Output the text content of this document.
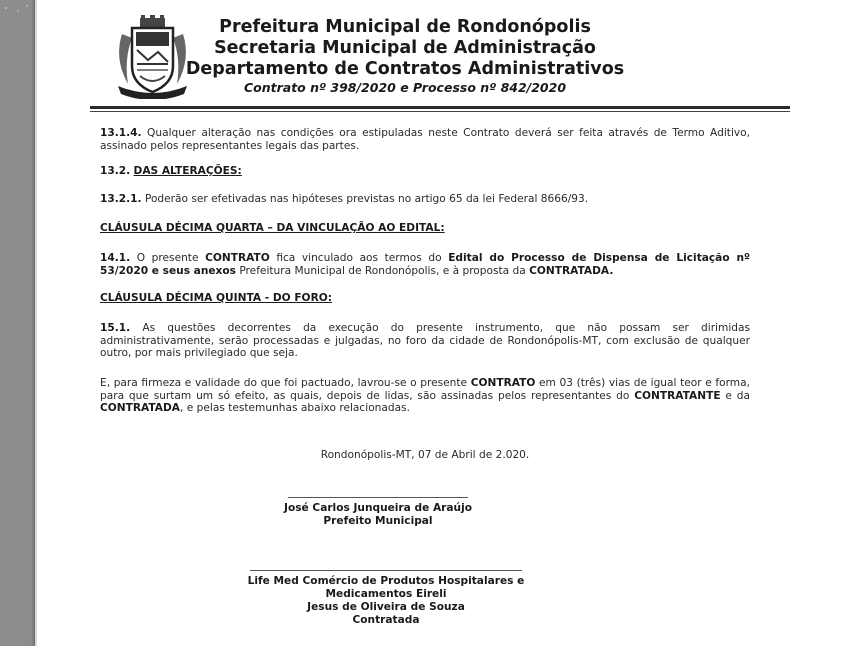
Prefeitura Municipal de Rondonópolis
Secretaria Municipal de Administração
Departamento de Contratos Administrativos
Contrato nº 398/2020 e Processo nº 842/2020
13.1.4. Qualquer alteração nas condições ora estipuladas neste Contrato deverá ser feita através de Termo Aditivo, assinado pelos representantes legais das partes.
13.2. DAS ALTERAÇÕES:
13.2.1. Poderão ser efetivadas nas hipóteses previstas no artigo 65 da lei Federal 8666/93.
CLÁUSULA DÉCIMA QUARTA – DA VINCULAÇÃO AO EDITAL:
14.1. O presente CONTRATO fica vinculado aos termos do Edital do Processo de Dispensa de Licitação nº 53/2020 e seus anexos Prefeitura Municipal de Rondonópolis, e à proposta da CONTRATADA.
CLÁUSULA DÉCIMA QUINTA - DO FORO:
15.1. As questões decorrentes da execução do presente instrumento, que não possam ser dirimidas administrativamente, serão processadas e julgadas, no foro da cidade de Rondonópolis-MT, com exclusão de qualquer outro, por mais privilegiado que seja.
E, para firmeza e validade do que foi pactuado, lavrou-se o presente CONTRATO em 03 (três) vias de igual teor e forma, para que surtam um só efeito, as quais, depois de lidas, são assinadas pelos representantes do CONTRATANTE e da CONTRATADA, e pelas testemunhas abaixo relacionadas.
Rondonópolis-MT, 07 de Abril de 2.020.
José Carlos Junqueira de Araújo
Prefeito Municipal
Life Med Comércio de Produtos Hospitalares e
Medicamentos Eireli
Jesus de Oliveira de Souza
Contratada
